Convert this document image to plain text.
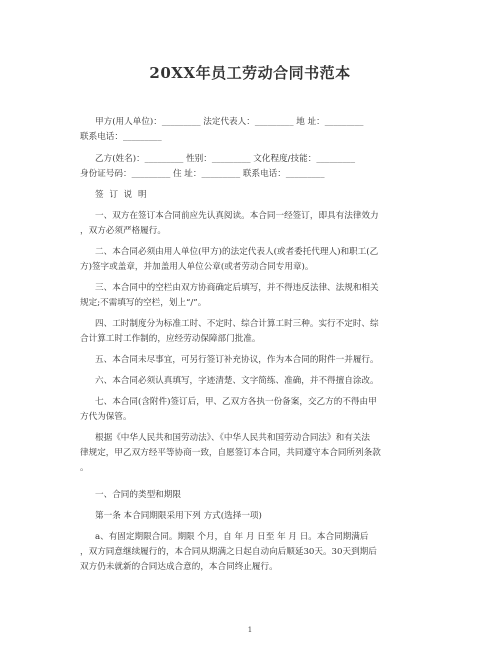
20XX年员工劳动合同书范本
甲方(用人单位)：_________ 法定代表人：_________ 地 址：_________
联系电话：_________
乙方(姓名)：_________ 性别：_________ 文化程度/技能：_________
身份证号码：_________ 住 址：_________ 联系电话：_________
签 订 说 明
一、双方在签订本合同前应先认真阅读。本合同一经签订，即具有法律效力
，双方必须严格履行。
二、本合同必须由用人单位(甲方)的法定代表人(或者委托代理人)和职工(乙
方)签字或盖章，并加盖用人单位公章(或者劳动合同专用章)。
三、本合同中的空栏由双方协商确定后填写，并不得违反法律、法规和相关
规定;不需填写的空栏，划上“/”。
四、工时制度分为标准工时、不定时、综合计算工时三种。实行不定时、综
合计算工时工作制的，应经劳动保障部门批准。
五、本合同未尽事宜，可另行签订补充协议，作为本合同的附件一并履行。
六、本合同必须认真填写，字迹清楚、文字简练、准确，并不得擅自涂改。
七、本合同(含附件)签订后，甲、乙双方各执一份备案，交乙方的不得由甲
方代为保管。
根据《中华人民共和国劳动法》、《中华人民共和国劳动合同法》和有关法
律规定，甲乙双方经平等协商一致，自愿签订本合同，共同遵守本合同所列条款
。
一、合同的类型和期限
第一条 本合同期限采用下列 方式(选择一项)
a、有固定期限合同。期限 个月，自 年 月 日至 年 月 日。本合同期满后
，双方同意继续履行的，本合同从期满之日起自动向后顺延30天。30天到期后
双方仍未就新的合同达成合意的，本合同终止履行。
1
